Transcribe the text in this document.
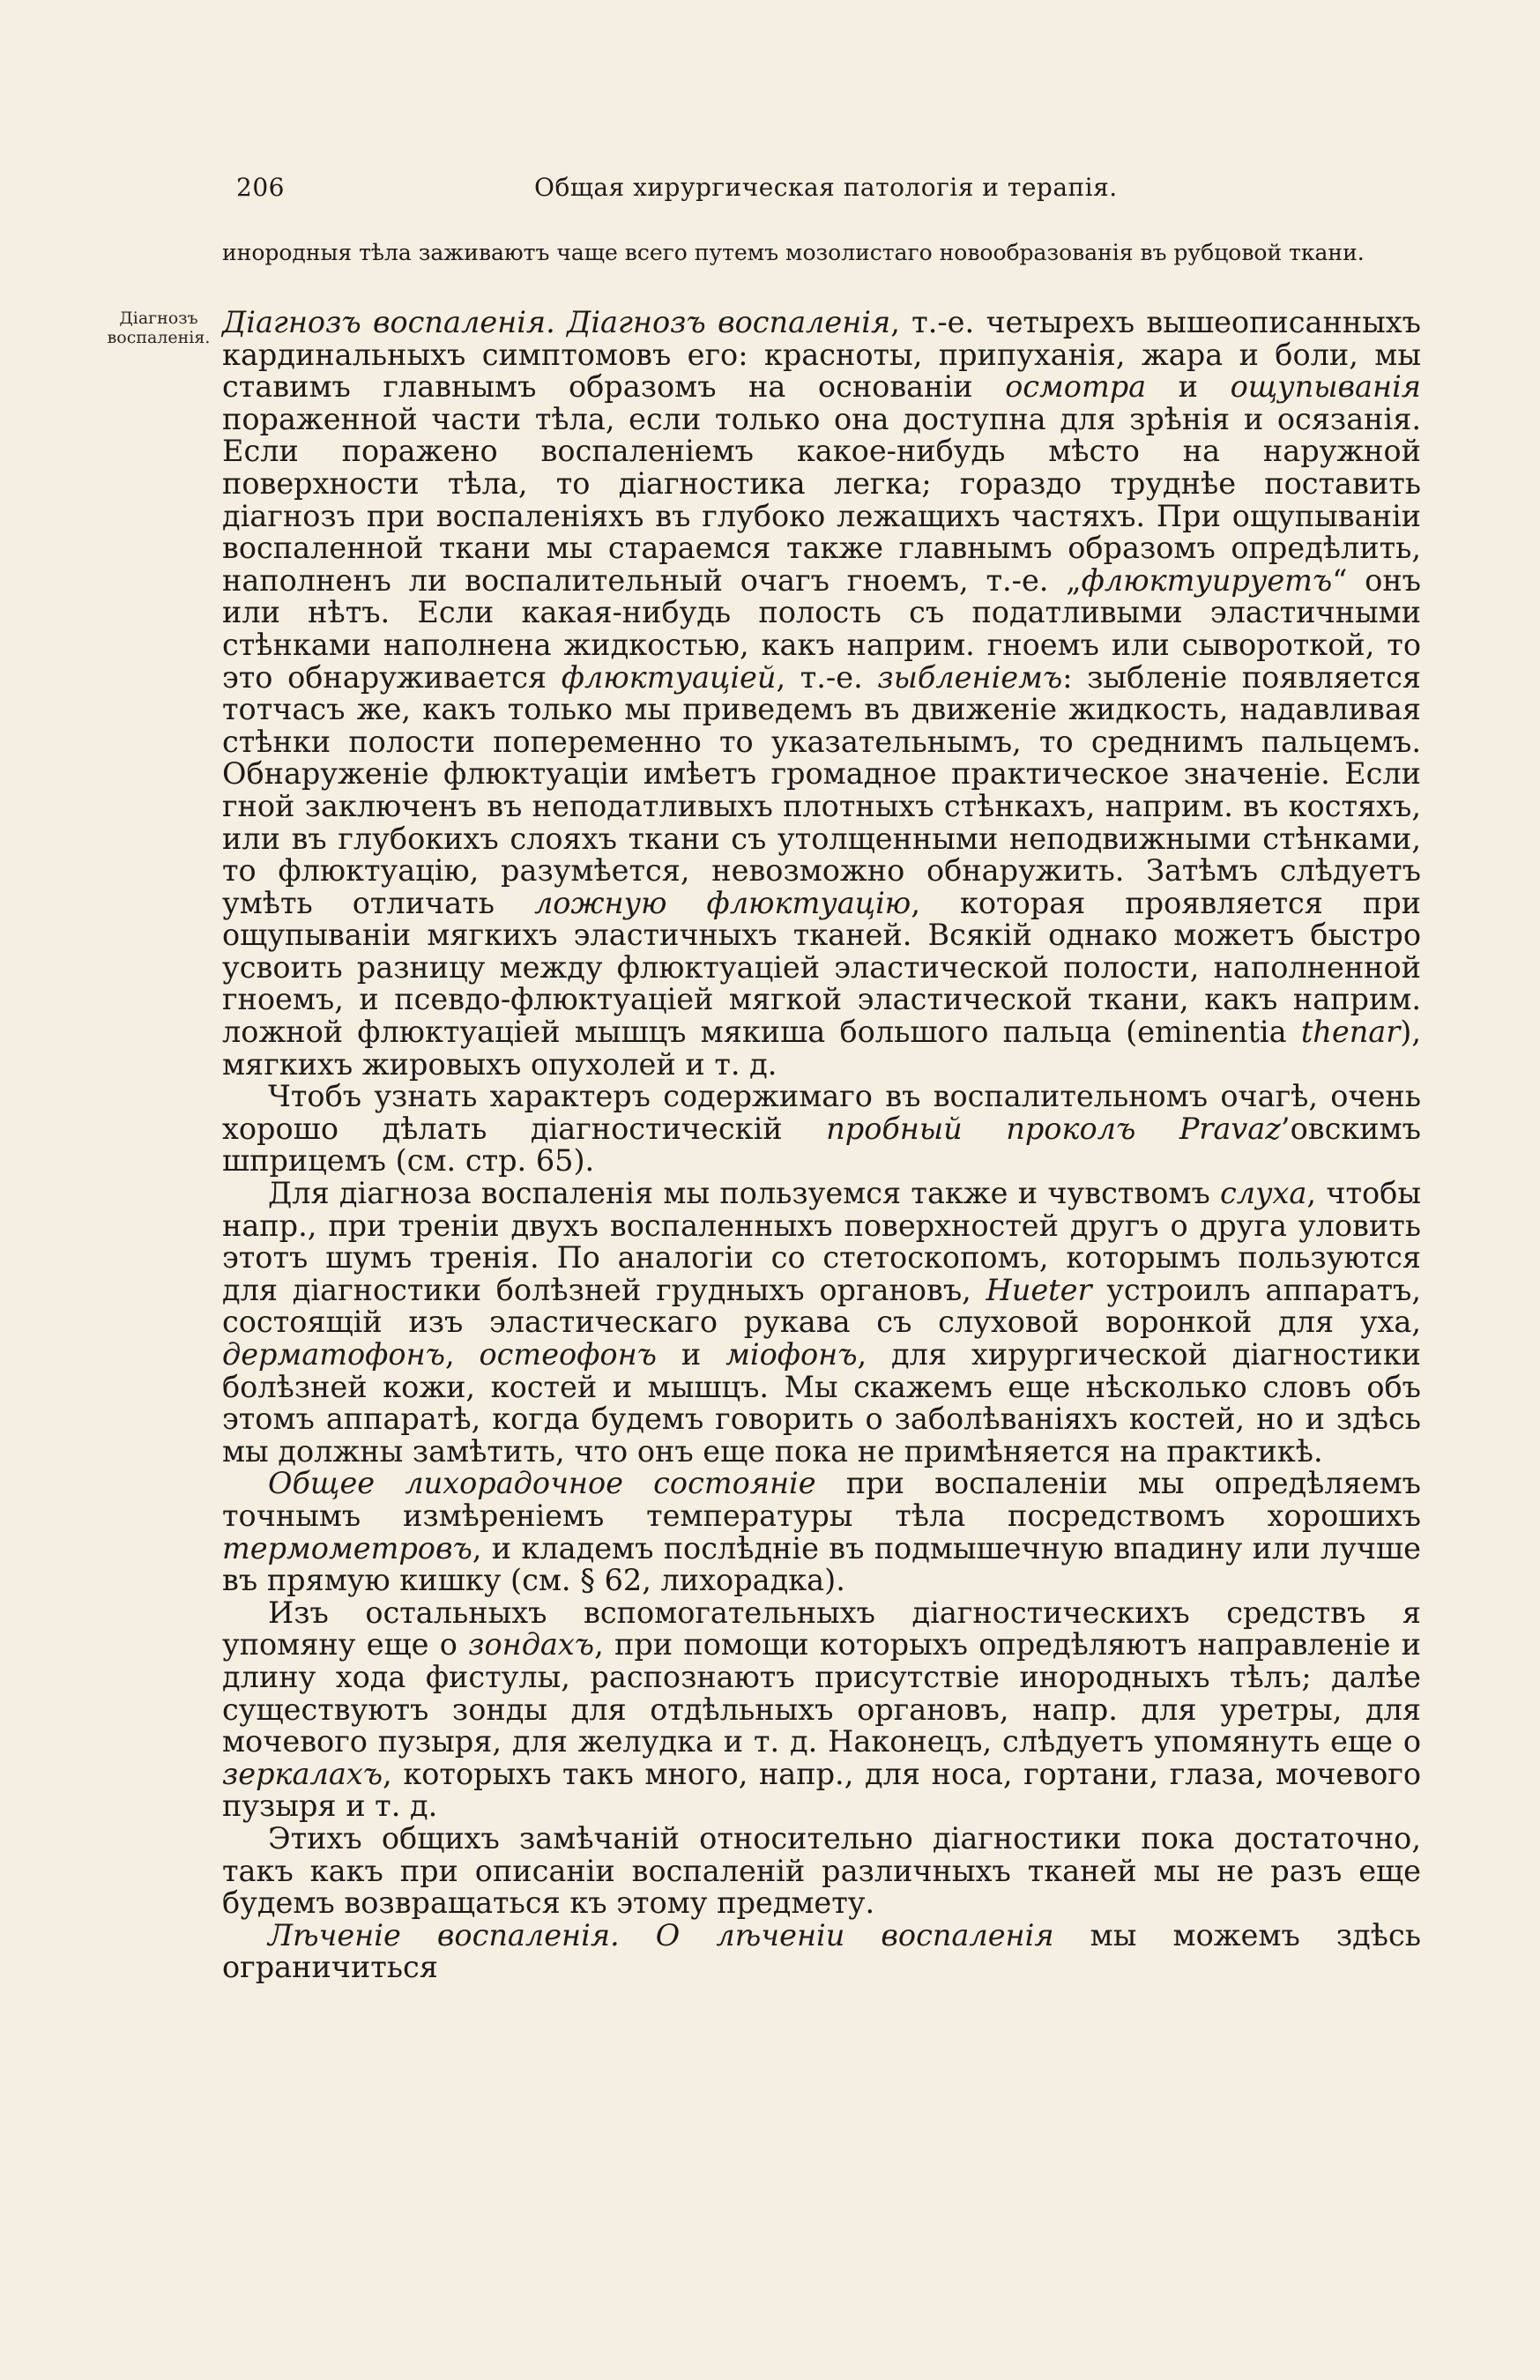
206	Общая хирургическая патологія и терапія.
Діагнозъ воспаленія.
инородныя тѣла заживаютъ чаще всего путемъ мозолистаго новообразованія въ рубцовой ткани.

Діагнозъ воспаленія. Діагнозъ воспаленія, т.-е. четырехъ вышеописанныхъ кардинальныхъ симптомовъ его: краснoты, припуханія, жара и боли, мы ставимъ главнымъ образомъ на основаніи осмотра и ощупыванія пораженной части тѣла, если только она доступна для зрѣнія и осязанія. Если поражено воспаленіемъ какое-нибудь мѣсто на наружной поверхности тѣла, то діагностика легка; гораздо труднѣе поставить діагнозъ при воспаленіяхъ въ глубоко лежащихъ частяхъ. При ощупываніи воспаленной ткани мы стараемся также главнымъ образомъ опредѣлить, наполненъ ли воспалительный очагъ гноемъ, т.-е. „флюктуируетъ“ онъ или нѣтъ. Если какая-нибудь полость съ податливыми эластичными стѣнками наполнена жидкостью, какъ наприм. гноемъ или сывороткой, то это обнаруживается флюктуаціей, т.-е. зыбленіемъ: зыбленіе появляется тотчасъ же, какъ только мы приведемъ въ движеніе жидкость, надавливая стѣнки полости попеременно то указательнымъ, то среднимъ пальцемъ. Обнаруженіе флюктуаціи имѣетъ громадное практическое значеніе. Если гной заключенъ въ неподатливыхъ плотныхъ стѣнкахъ, наприм. въ костяхъ, или въ глубокихъ слояхъ ткани съ утолщенными неподвижными стѣнками, то флюктуацію, разумѣется, невозможно обнаружить. Затѣмъ слѣдуетъ умѣть отличать ложную флюктуацію, которая проявляется при ощупываніи мягкихъ эластичныхъ тканей. Всякій однако можетъ быстро усвоить разницу между флюктуаціей эластической полости, наполненной гноемъ, и псевдо-флюктуаціей мягкой эластической ткани, какъ наприм. ложной флюктуаціей мышцъ мякиша большого пальца (eminentia thenar), мягкихъ жировыхъ опухолей и т. д.

Чтобъ узнать характеръ содержимаго въ воспалительномъ очагѣ, очень хорошо дѣлать діагностическій пробный проколъ Pravaz’овскимъ шприцемъ (см. стр. 65).

Для діагноза воспаленія мы пользуемся также и чувствомъ слуха, чтобы напр., при треніи двухъ воспаленныхъ поверхностей другъ о друга уловить этотъ шумъ тренія. По аналогіи со стетоскопомъ, которымъ пользуются для діагностики болѣзней грудныхъ органовъ, Hueter устроилъ аппаратъ, состоящій изъ эластическаго рукава съ слуховой воронкой для уха, дерматофонъ, остеофонъ и міофонъ, для хирургической діагностики болѣзней кожи, костей и мышцъ. Мы скажемъ еще нѣсколько словъ объ этомъ аппаратѣ, когда будемъ говорить о заболѣваніяхъ костей, но и здѣсь мы должны замѣтить, что онъ еще пока не примѣняется на практикѣ.

Общее лихорадочное состояніе при воспаленіи мы опредѣляемъ точнымъ измѣреніемъ температуры тѣла посредствомъ хорошихъ термометровъ, и кладемъ послѣдніе въ подмышечную впадину или лучше въ прямую кишку (см. § 62, лихорадка).

Изъ остальныхъ вспомогательныхъ діагностическихъ средствъ я упомяну еще о зондахъ, при помощи которыхъ опредѣляютъ направленіе и длину хода фистулы, распознаютъ присутствіе инородныхъ тѣлъ; далѣе существуютъ зонды для отдѣльныхъ органовъ, напр. для уретры, для мочевого пузыря, для желудка и т. д. Наконецъ, слѣдуетъ упомянуть еще о зеркалахъ, которыхъ такъ много, напр., для носа, гортани, глаза, мочевого пузыря и т. д.

Этихъ общихъ замѣчаній относительно діагностики пока достаточно, такъ какъ при описаніи воспаленій различныхъ тканей мы не разъ еще будемъ возвращаться къ этому предмету.

Лѣченіе воспаленія. О лѣченіи воспаленія мы можемъ здѣсь ограничиться
